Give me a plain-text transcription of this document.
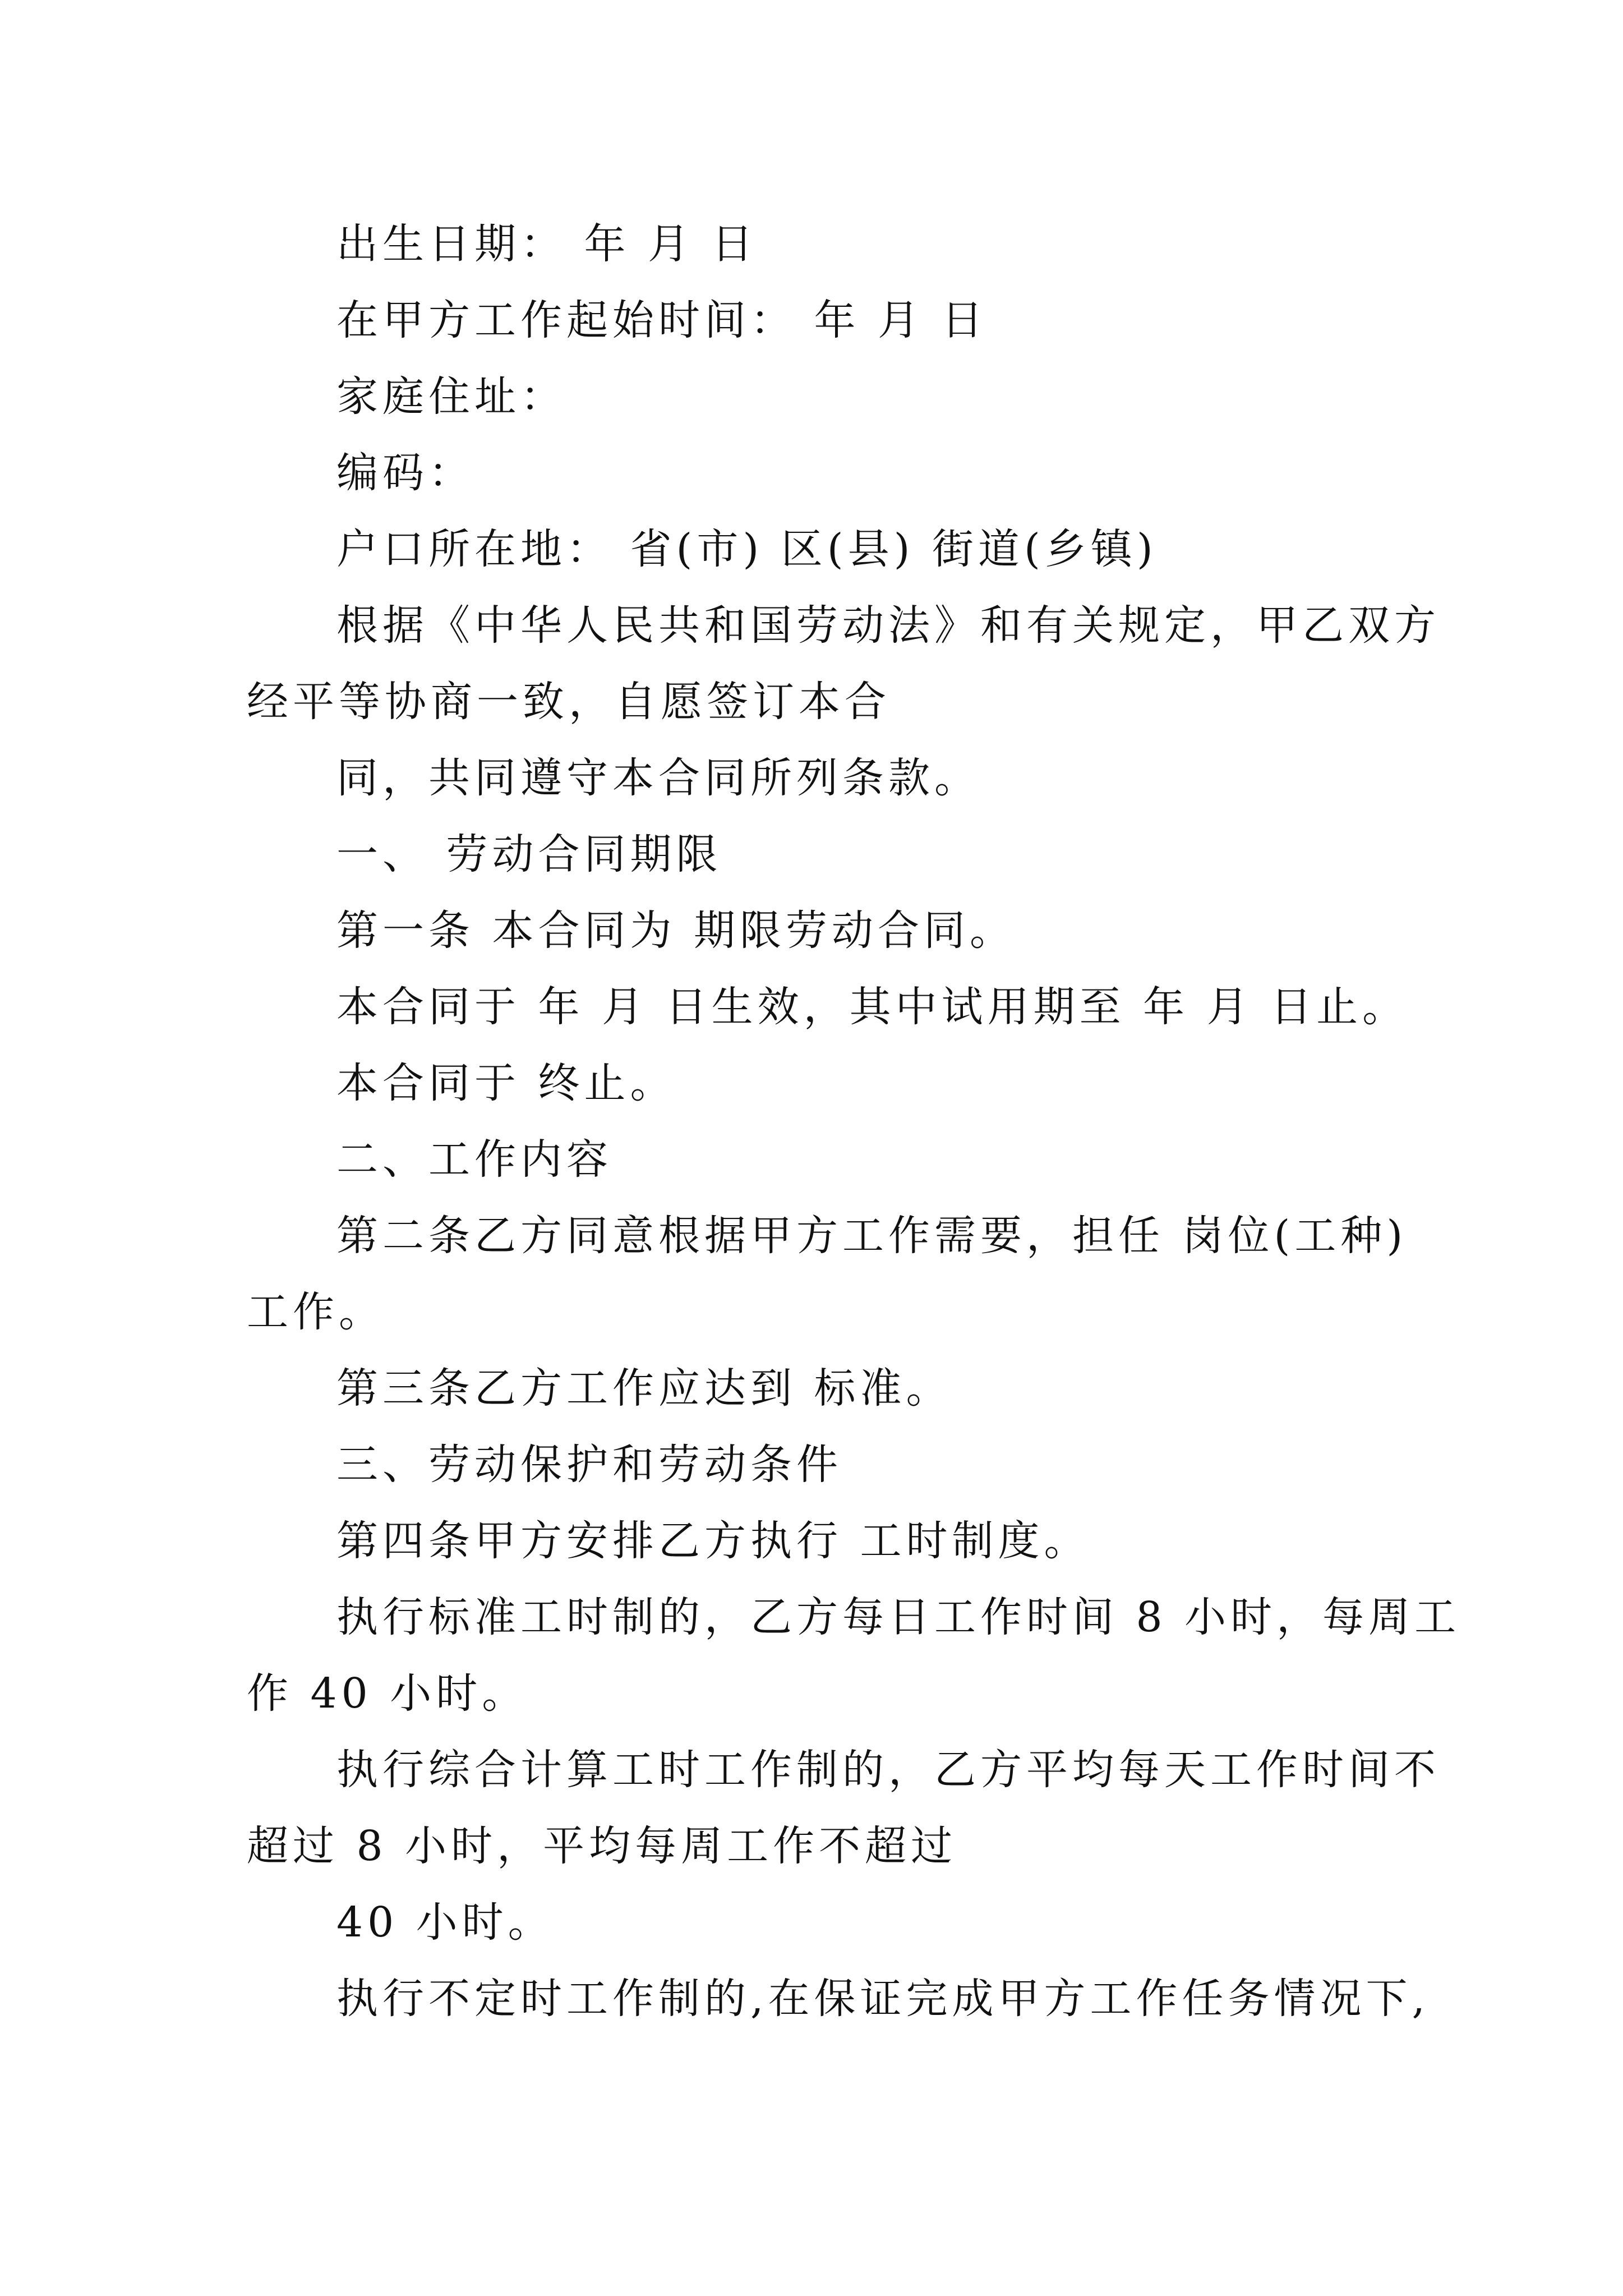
出生日期： 年 月 日
在甲方工作起始时间： 年 月 日
家庭住址：
编码：
户口所在地： 省(市) 区(县) 街道(乡镇)
根据《中华人民共和国劳动法》和有关规定，甲乙双方
经平等协商一致，自愿签订本合
同，共同遵守本合同所列条款。
一、 劳动合同期限
第一条 本合同为 期限劳动合同。
本合同于 年 月 日生效，其中试用期至 年 月 日止。
本合同于 终止。
二、工作内容
第二条乙方同意根据甲方工作需要，担任 岗位(工种)
工作。
第三条乙方工作应达到 标准。
三、劳动保护和劳动条件
第四条甲方安排乙方执行 工时制度。
执行标准工时制的，乙方每日工作时间 8 小时，每周工
作 40 小时。
执行综合计算工时工作制的，乙方平均每天工作时间不
超过 8 小时，平均每周工作不超过
40 小时。
执行不定时工作制的,在保证完成甲方工作任务情况下,
